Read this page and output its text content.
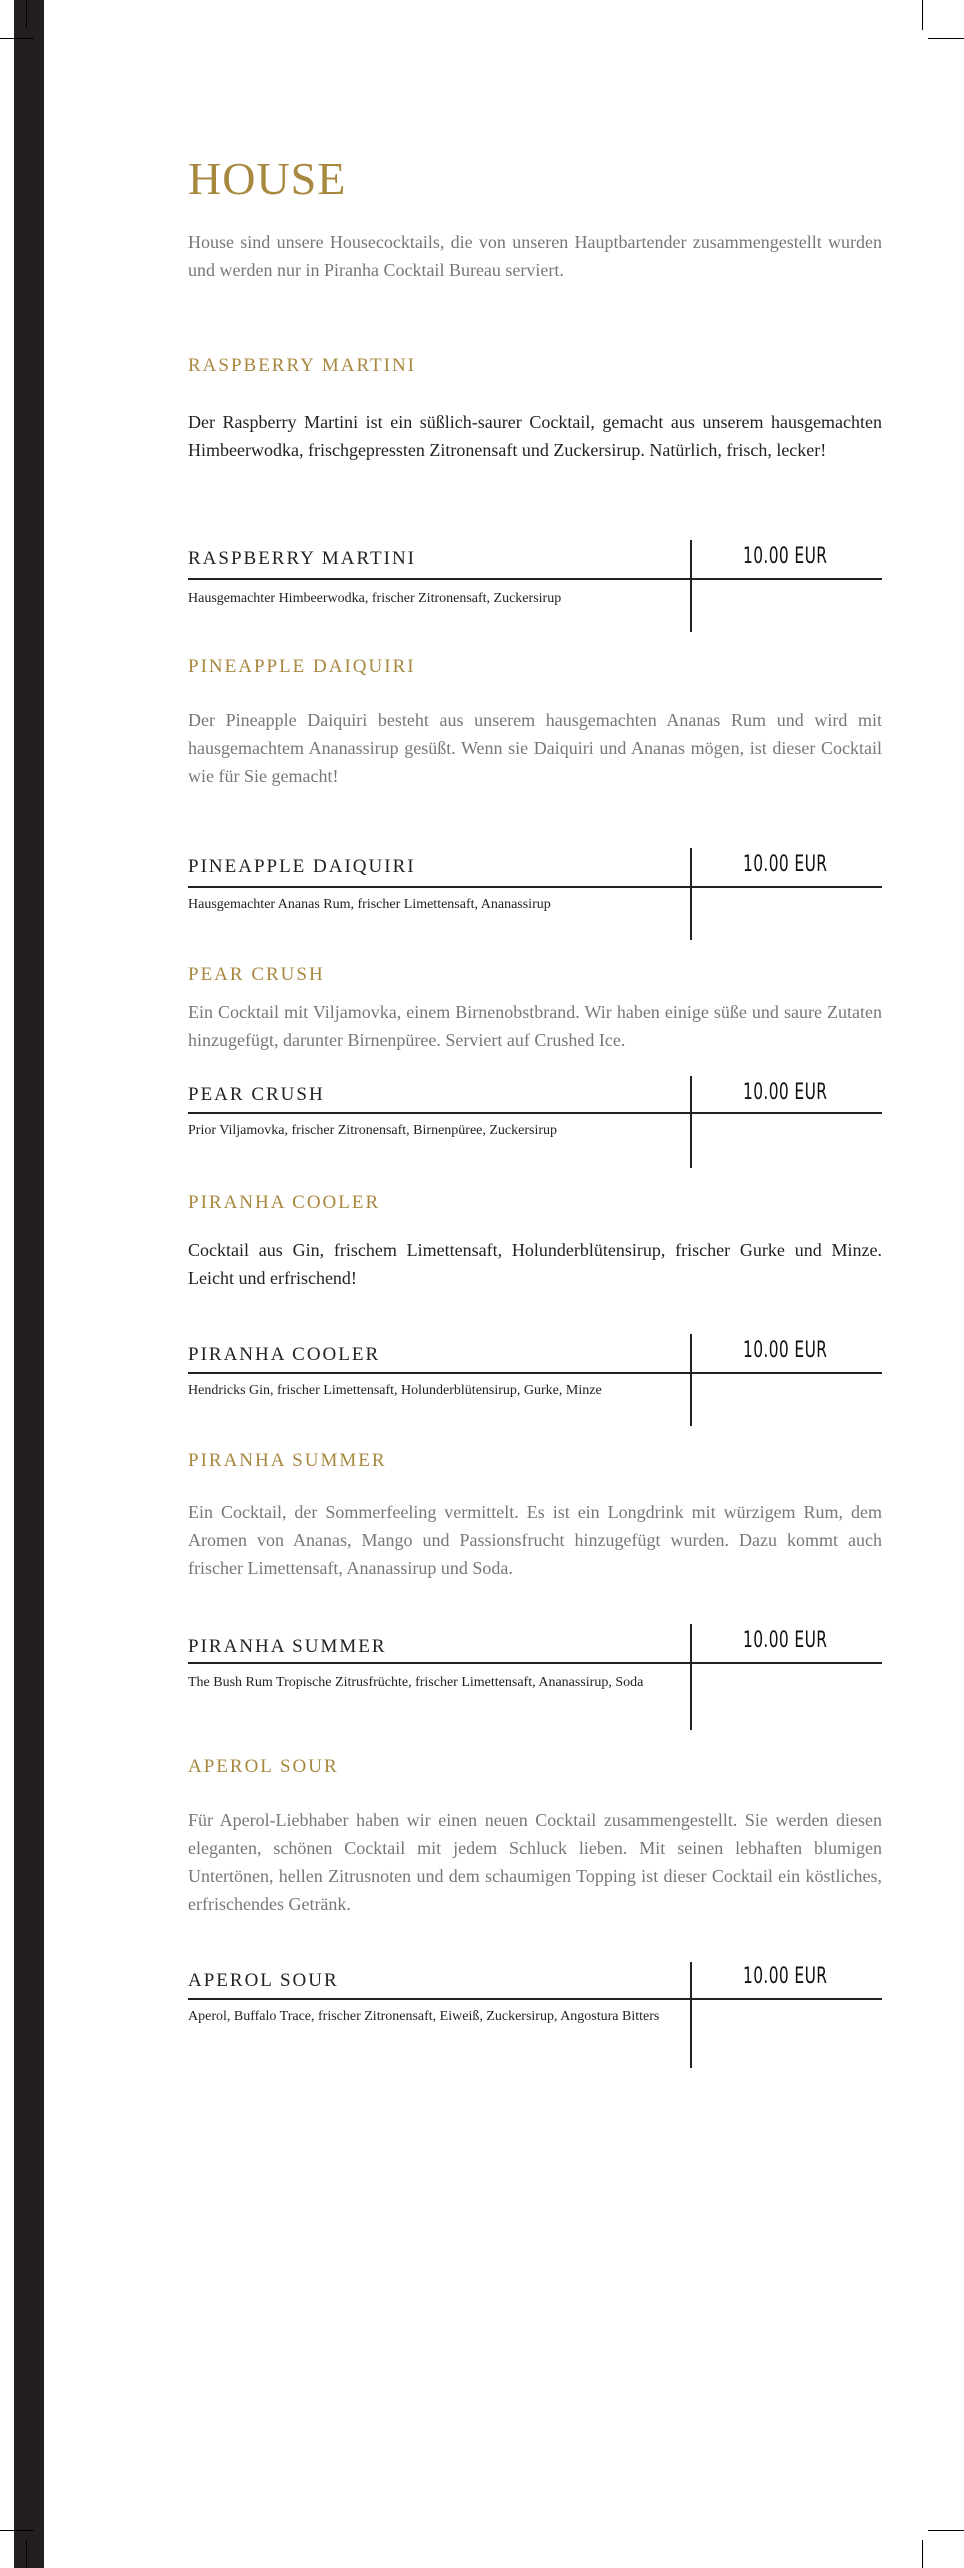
HOUSE

House sind unsere Housecocktails, die von unseren Hauptbartender zusammengestellt wurden und werden nur in Piranha Cocktail Bureau serviert.

RASPBERRY MARTINI

Der Raspberry Martini ist ein süßlich-saurer Cocktail, gemacht aus unserem hausgemachten Himbeerwodka, frischgepressten Zitronensaft und Zuckersirup. Natürlich, frisch, lecker!

RASPBERRY MARTINI	10.00 EUR

Hausgemachter Himbeerwodka, frischer Zitronensaft, Zuckersirup

PINEAPPLE DAIQUIRI

Der Pineapple Daiquiri besteht aus unserem hausgemachten Ananas Rum und wird mit hausgemachtem Ananassirup gesüßt. Wenn sie Daiquiri und Ananas mögen, ist dieser Cocktail wie für Sie gemacht!

PINEAPPLE DAIQUIRI	10.00 EUR

Hausgemachter Ananas Rum, frischer Limettensaft, Ananassirup

PEAR CRUSH

Ein Cocktail mit Viljamovka, einem Birnenobstbrand. Wir haben einige süße und saure Zutaten hinzugefügt, darunter Birnenpüree. Serviert auf Crushed Ice.

PEAR CRUSH	10.00 EUR

Prior Viljamovka, frischer Zitronensaft, Birnenpüree, Zuckersirup

PIRANHA COOLER

Cocktail aus Gin, frischem Limettensaft, Holunderblütensirup, frischer Gurke und Minze. Leicht und erfrischend!

PIRANHA COOLER	10.00 EUR

Hendricks Gin, frischer Limettensaft, Holunderblütensirup, Gurke, Minze

PIRANHA SUMMER

Ein Cocktail, der Sommerfeeling vermittelt. Es ist ein Longdrink mit würzigem Rum, dem Aromen von Ananas, Mango und Passionsfrucht hinzugefügt wurden. Dazu kommt auch frischer Limettensaft, Ananassirup und Soda.

PIRANHA SUMMER	10.00 EUR

The Bush Rum Tropische Zitrusfrüchte, frischer Limettensaft, Ananassirup, Soda

APEROL SOUR

Für Aperol-Liebhaber haben wir einen neuen Cocktail zusammengestellt. Sie werden diesen eleganten, schönen Cocktail mit jedem Schluck lieben. Mit seinen lebhaften blumigen Untertönen, hellen Zitrusnoten und dem schaumigen Topping ist dieser Cocktail ein köstliches, erfrischendes Getränk.

APEROL SOUR	10.00 EUR

Aperol, Buffalo Trace, frischer Zitronensaft, Eiweiß, Zuckersirup, Angostura Bitters
